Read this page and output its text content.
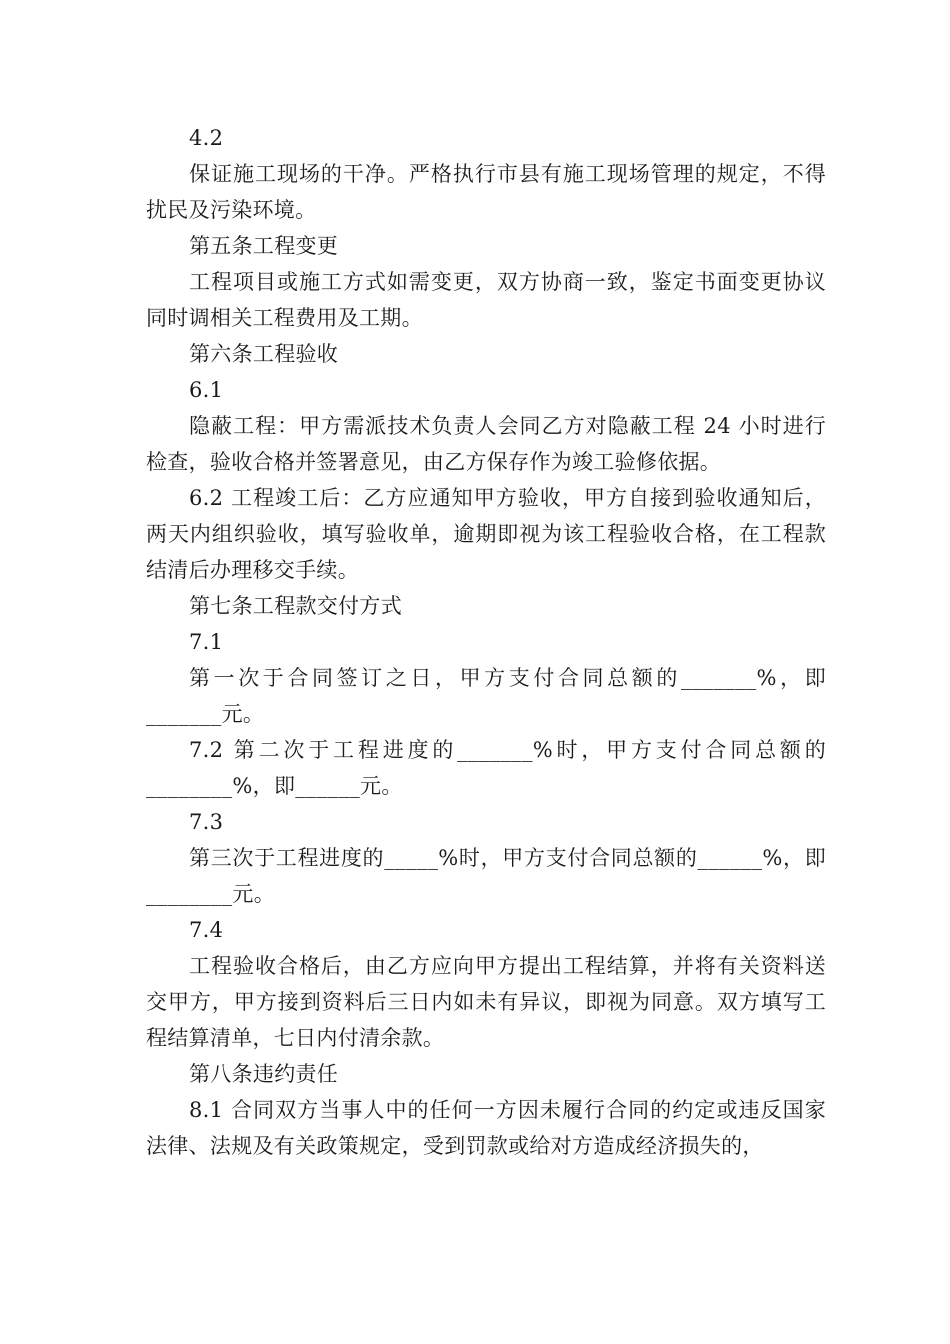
4.2

保证施工现场的干净。严格执行市县有施工现场管理的规定，不得扰民及污染环境。

第五条工程变更

工程项目或施工方式如需变更，双方协商一致，鉴定书面变更协议同时调相关工程费用及工期。

第六条工程验收

6.1

隐蔽工程：甲方需派技术负责人会同乙方对隐蔽工程 24 小时进行检查，验收合格并签署意见，由乙方保存作为竣工验修依据。

6.2 工程竣工后：乙方应通知甲方验收，甲方自接到验收通知后，两天内组织验收，填写验收单，逾期即视为该工程验收合格，在工程款结清后办理移交手续。

第七条工程款交付方式

7.1

第一次于合同签订之日，甲方支付合同总额的_______%，即_______元。

7.2 第二次于工程进度的_______%时，甲方支付合同总额的________%，即______元。

7.3

第三次于工程进度的_____%时，甲方支付合同总额的______%，即________元。

7.4

工程验收合格后，由乙方应向甲方提出工程结算，并将有关资料送交甲方，甲方接到资料后三日内如未有异议，即视为同意。双方填写工程结算清单，七日内付清余款。

第八条违约责任

8.1 合同双方当事人中的任何一方因未履行合同的约定或违反国家法律、法规及有关政策规定，受到罚款或给对方造成经济损失的，
